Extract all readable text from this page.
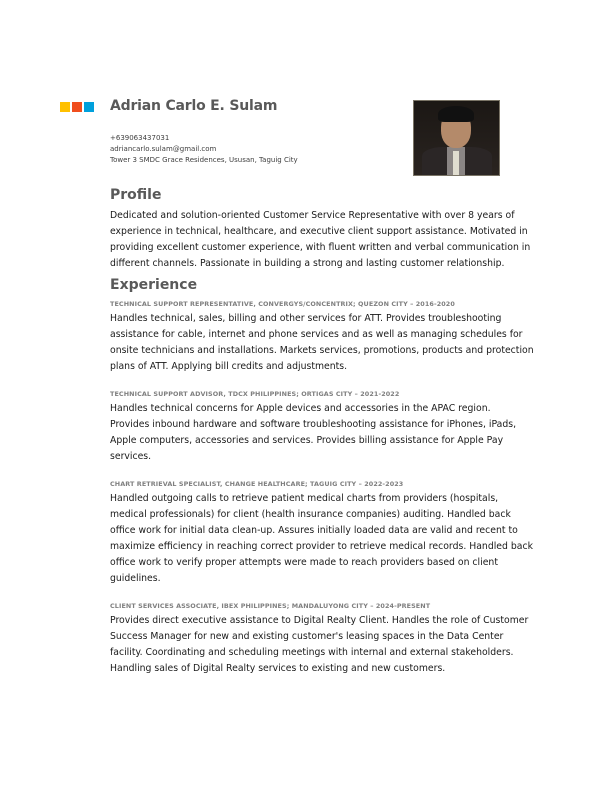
Adrian Carlo E. Sulam
+639063437031
adriancarlo.sulam@gmail.com
Tower 3 SMDC Grace Residences, Ususan, Taguig City
Profile
Dedicated and solution-oriented Customer Service Representative with over 8 years of
experience in technical, healthcare, and executive client support assistance. Motivated in
providing excellent customer experience, with fluent written and verbal communication in
different channels. Passionate in building a strong and lasting customer relationship.
Experience
TECHNICAL SUPPORT REPRESENTATIVE, CONVERGYS/CONCENTRIX; QUEZON CITY – 2016-2020
Handles technical, sales, billing and other services for ATT. Provides troubleshooting
assistance for cable, internet and phone services and as well as managing schedules for
onsite technicians and installations. Markets services, promotions, products and protection
plans of ATT. Applying bill credits and adjustments.
TECHNICAL SUPPORT ADVISOR, TDCX PHILIPPINES; ORTIGAS CITY – 2021-2022
Handles technical concerns for Apple devices and accessories in the APAC region.
Provides inbound hardware and software troubleshooting assistance for iPhones, iPads,
Apple computers, accessories and services. Provides billing assistance for Apple Pay
services.
CHART RETRIEVAL SPECIALIST, CHANGE HEALTHCARE; TAGUIG CITY – 2022-2023
Handled outgoing calls to retrieve patient medical charts from providers (hospitals,
medical professionals) for client (health insurance companies) auditing. Handled back
office work for initial data clean-up. Assures initially loaded data are valid and recent to
maximize efficiency in reaching correct provider to retrieve medical records. Handled back
office work to verify proper attempts were made to reach providers based on client
guidelines.
CLIENT SERVICES ASSOCIATE, IBEX PHILIPPINES; MANDALUYONG CITY – 2024-PRESENT
Provides direct executive assistance to Digital Realty Client. Handles the role of Customer
Success Manager for new and existing customer's leasing spaces in the Data Center
facility. Coordinating and scheduling meetings with internal and external stakeholders.
Handling sales of Digital Realty services to existing and new customers.
